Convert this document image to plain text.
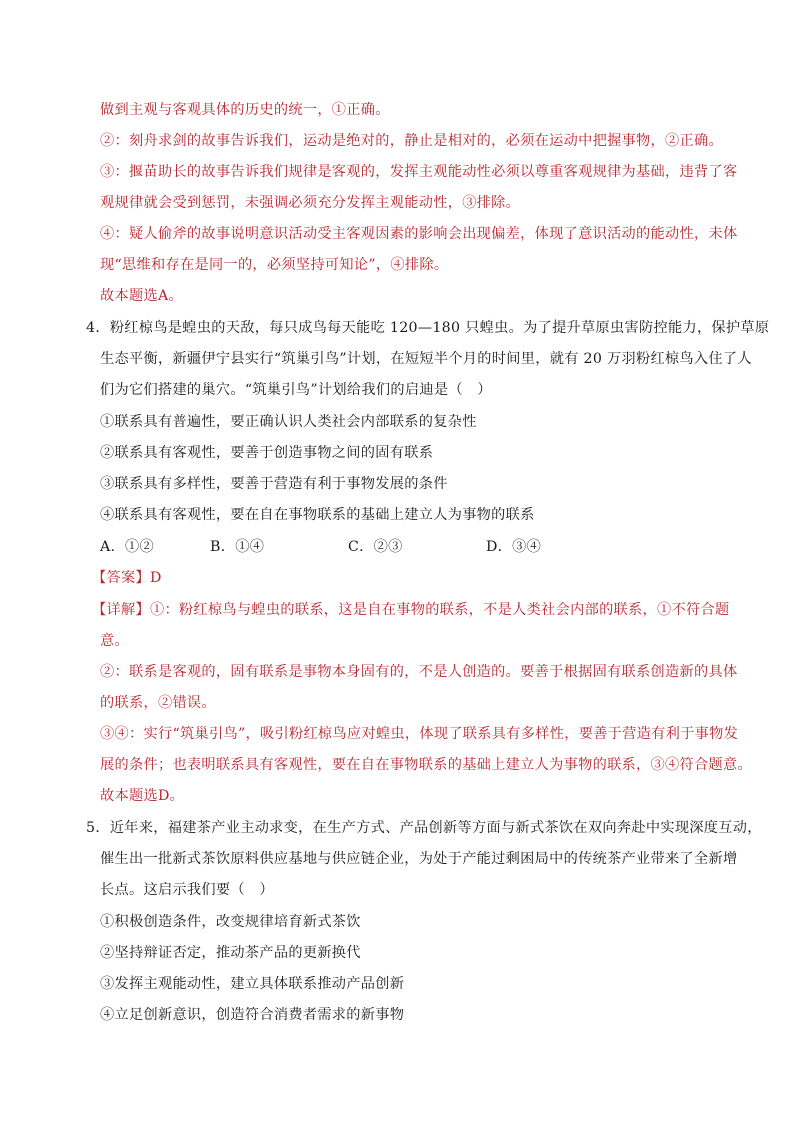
做到主观与客观具体的历史的统一，①正确。
②：刻舟求剑的故事告诉我们，运动是绝对的，静止是相对的，必须在运动中把握事物，②正确。
③：揠苗助长的故事告诉我们规律是客观的，发挥主观能动性必须以尊重客观规律为基础，违背了客
观规律就会受到惩罚，未强调必须充分发挥主观能动性，③排除。
④：疑人偷斧的故事说明意识活动受主客观因素的影响会出现偏差，体现了意识活动的能动性，未体
现“思维和存在是同一的，必须坚持可知论”，④排除。
故本题选A。
4．粉红椋鸟是蝗虫的天敌，每只成鸟每天能吃 120—180 只蝗虫。为了提升草原虫害防控能力，保护草原
生态平衡，新疆伊宁县实行“筑巢引鸟”计划，在短短半个月的时间里，就有 20 万羽粉红椋鸟入住了人
们为它们搭建的巢穴。“筑巢引鸟”计划给我们的启迪是（　）
①联系具有普遍性，要正确认识人类社会内部联系的复杂性
②联系具有客观性，要善于创造事物之间的固有联系
③联系具有多样性，要善于营造有利于事物发展的条件
④联系具有客观性，要在自在事物联系的基础上建立人为事物的联系
A．①②	B．①④	C．②③	D．③④
【答案】D
【详解】①：粉红椋鸟与蝗虫的联系，这是自在事物的联系，不是人类社会内部的联系，①不符合题
意。
②：联系是客观的，固有联系是事物本身固有的，不是人创造的。要善于根据固有联系创造新的具体
的联系，②错误。
③④：实行“筑巢引鸟”，吸引粉红椋鸟应对蝗虫，体现了联系具有多样性，要善于营造有利于事物发
展的条件；也表明联系具有客观性，要在自在事物联系的基础上建立人为事物的联系，③④符合题意。
故本题选D。
5．近年来，福建茶产业主动求变，在生产方式、产品创新等方面与新式茶饮在双向奔赴中实现深度互动，
催生出一批新式茶饮原料供应基地与供应链企业，为处于产能过剩困局中的传统茶产业带来了全新增
长点。这启示我们要（　）
①积极创造条件，改变规律培育新式茶饮
②坚持辩证否定，推动茶产品的更新换代
③发挥主观能动性，建立具体联系推动产品创新
④立足创新意识，创造符合消费者需求的新事物
